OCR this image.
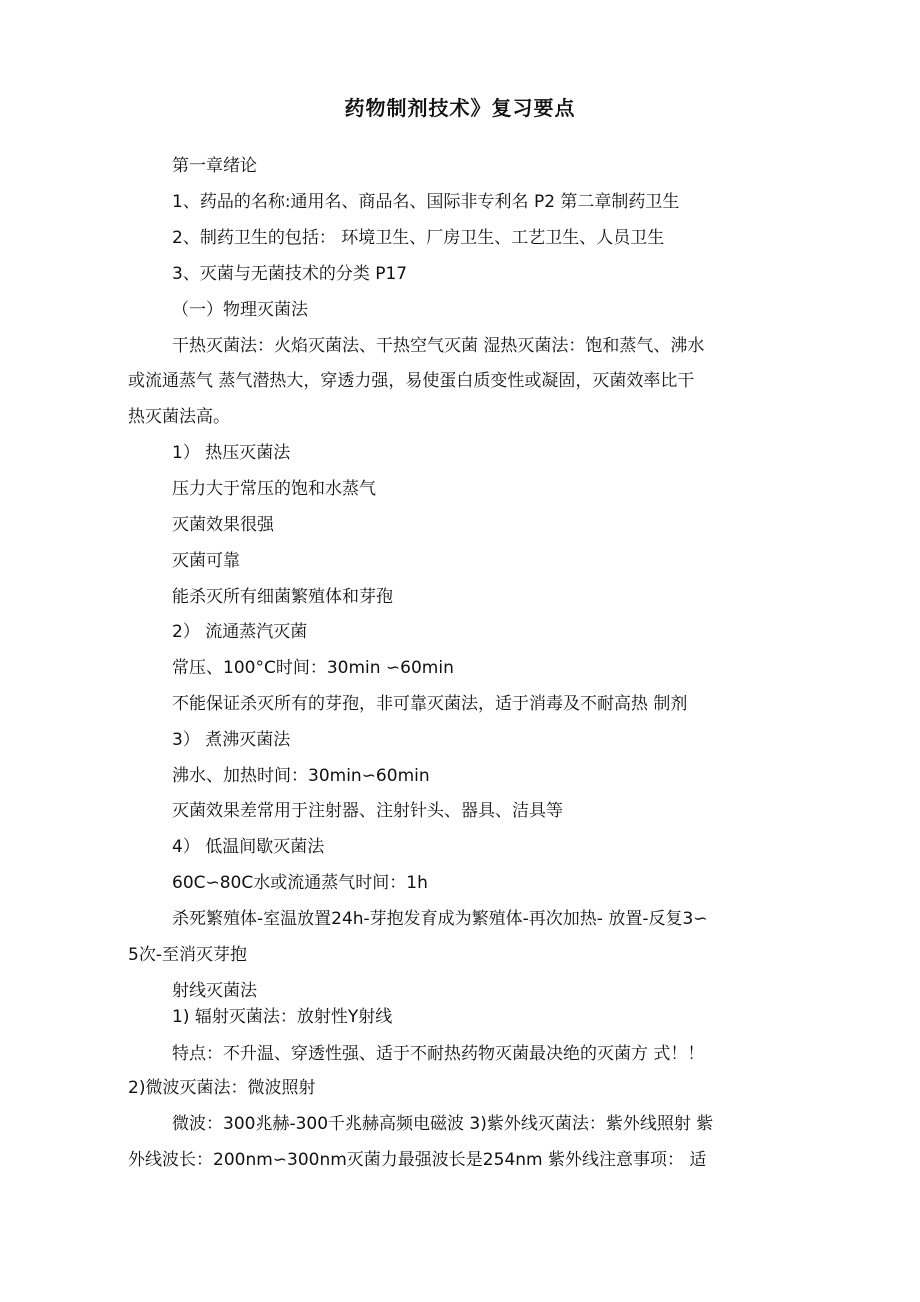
药物制剂技术》复习要点
第一章绪论
1、药品的名称:通用名、商品名、国际非专利名 P2 第二章制药卫生
2、制药卫生的包括： 环境卫生、厂房卫生、工艺卫生、人员卫生
3、灭菌与无菌技术的分类 P17
（一）物理灭菌法
干热灭菌法：火焰灭菌法、干热空气灭菌 湿热灭菌法：饱和蒸气、沸水
或流通蒸气 蒸气潜热大，穿透力强，易使蛋白质变性或凝固，灭菌效率比干
热灭菌法高。
1） 热压灭菌法
压力大于常压的饱和水蒸气
灭菌效果很强
灭菌可靠
能杀灭所有细菌繁殖体和芽孢
2） 流通蒸汽灭菌
常压、100°C时间：30min ∽60min
不能保证杀灭所有的芽孢，非可靠灭菌法，适于消毒及不耐高热 制剂
3） 煮沸灭菌法
沸水、加热时间：30min∽60min
灭菌效果差常用于注射器、注射针头、器具、洁具等
4） 低温间歇灭菌法
60C∽80C水或流通蒸气时间：1h
杀死繁殖体-室温放置24h-芽抱发育成为繁殖体-再次加热- 放置-反复3∽
5次-至消灭芽抱
射线灭菌法
1) 辐射灭菌法：放射性Y射线
特点：不升温、穿透性强、适于不耐热药物灭菌最决绝的灭菌方 式！！
2)微波灭菌法：微波照射
微波：300兆赫-300千兆赫高频电磁波 3)紫外线灭菌法：紫外线照射 紫
外线波长：200nm∽300nm灭菌力最强波长是254nm 紫外线注意事项： 适
